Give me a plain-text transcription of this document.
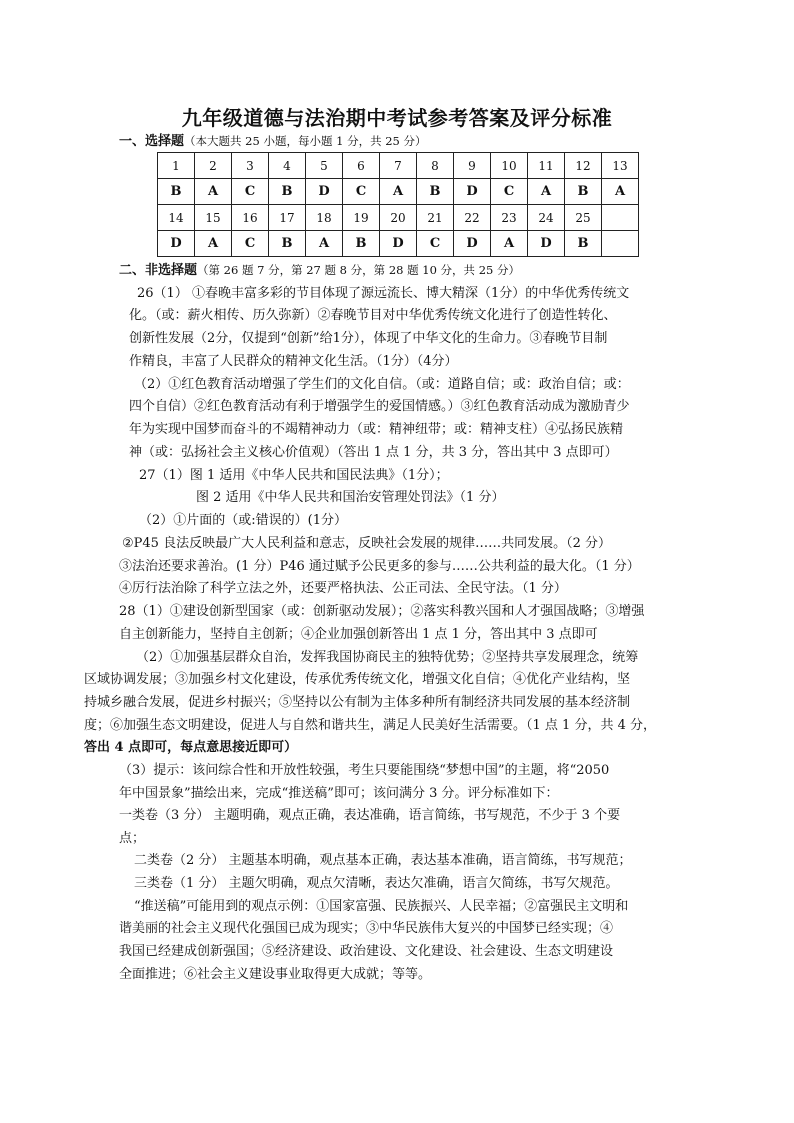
九年级道德与法治期中考试参考答案及评分标准
一、选择题（本大题共 25 小题，每小题 1 分，共 25 分）
1	2	3	4	5	6	7	8	9	10	11	12	13
B	A	C	B	D	C	A	B	D	C	A	B	A
14	15	16	17	18	19	20	21	22	23	24	25	
D	A	C	B	A	B	D	C	D	A	D	B	
二、非选择题（第 26 题 7 分，第 27 题 8 分，第 28 题 10 分，共 25 分）
26（1） ①春晚丰富多彩的节目体现了源远流长、博大精深（1分）的中华优秀传统文
化。（或：薪火相传、历久弥新）②春晚节目对中华优秀传统文化进行了创造性转化、
创新性发展（2分，仅提到“创新”给1分），体现了中华文化的生命力。③春晚节目制
作精良，丰富了人民群众的精神文化生活。（1分）（4分）
（2）①红色教育活动增强了学生们的文化自信。（或：道路自信；或：政治自信；或：
四个自信）②红色教育活动有利于增强学生的爱国情感。）③红色教育活动成为激励青少
年为实现中国梦而奋斗的不竭精神动力（或：精神纽带；或：精神支柱）④弘扬民族精
神（或：弘扬社会主义核心价值观）（答出 1 点 1 分，共 3 分，答出其中 3 点即可）
27（1）图 1 适用《中华人民共和国民法典》（1分）；
图 2 适用《中华人民共和国治安管理处罚法》（1 分）
（2）①片面的（或:错误的）(1分）
②P45 良法反映最广大人民利益和意志，反映社会发展的规律……共同发展。（2 分）
③法治还要求善治。(1 分）P46 通过赋予公民更多的参与……公共利益的最大化。（1 分）
④厉行法治除了科学立法之外，还要严格执法、公正司法、全民守法。（1 分）
28（1）①建设创新型国家（或：创新驱动发展）；②落实科教兴国和人才强国战略；③增强
自主创新能力，坚持自主创新；④企业加强创新答出 1 点 1 分，答出其中 3 点即可
（2）①加强基层群众自治，发挥我国协商民主的独特优势；②坚持共享发展理念，统筹
区域协调发展；③加强乡村文化建设，传承优秀传统文化，增强文化自信；④优化产业结构，坚
持城乡融合发展，促进乡村振兴；⑤坚持以公有制为主体多种所有制经济共同发展的基本经济制
度；⑥加强生态文明建设，促进人与自然和谐共生，满足人民美好生活需要。（1 点 1 分，共 4 分，
答出 4 点即可，每点意思接近即可）
（3）提示：该问综合性和开放性较强，考生只要能围绕“梦想中国”的主题，将“2050
年中国景象”描绘出来，完成“推送稿”即可；该问满分 3 分。评分标准如下：
一类卷（3 分） 主题明确，观点正确，表达准确，语言简练，书写规范，不少于 3 个要
点；
二类卷（2 分） 主题基本明确，观点基本正确，表达基本准确，语言简练，书写规范；
三类卷（1 分） 主题欠明确，观点欠清晰，表达欠准确，语言欠简练，书写欠规范。
“推送稿”可能用到的观点示例：①国家富强、民族振兴、人民幸福；②富强民主文明和
谐美丽的社会主义现代化强国已成为现实；③中华民族伟大复兴的中国梦已经实现；④
我国已经建成创新强国；⑤经济建设、政治建设、文化建设、社会建设、生态文明建设
全面推进；⑥社会主义建设事业取得更大成就；等等。
